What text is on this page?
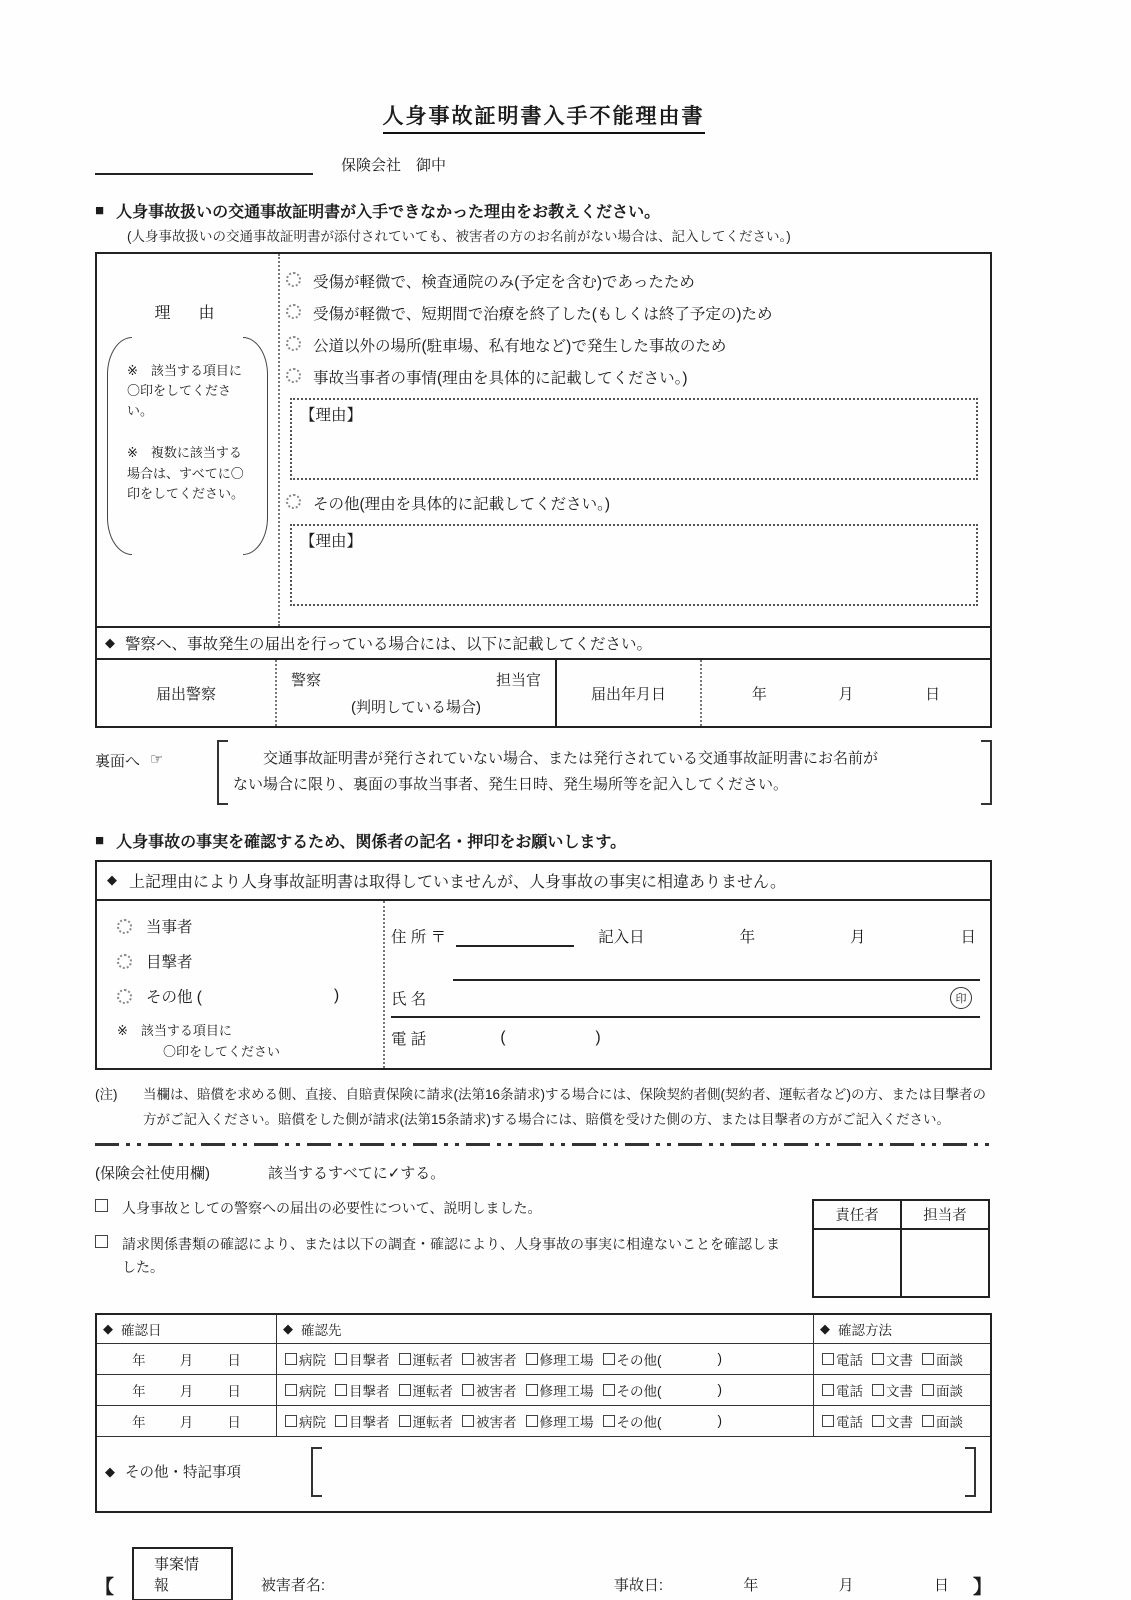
人身事故証明書入手不能理由書
保険会社　御中
■ 人身事故扱いの交通事故証明書が入手できなかった理由をお教えください。
(人身事故扱いの交通事故証明書が添付されていても、被害者の方のお名前がない場合は、記入してください。)
理　由
※　該当する項目に〇印をしてください。
※　複数に該当する場合は、すべてに〇印をしてください。
受傷が軽微で、検査通院のみ(予定を含む)であったため
受傷が軽微で、短期間で治療を終了した(もしくは終了予定の)ため
公道以外の場所(駐車場、私有地など)で発生した事故のため
事故当事者の事情(理由を具体的に記載してください。)
【理由】
その他(理由を具体的に記載してください。)
【理由】
◆ 警察へ、事故発生の届出を行っている場合には、以下に記載してください。
届出警察
警察	担当官
(判明している場合)
届出年月日	年	月	日
裏面へ ☞	交通事故証明書が発行されていない場合、または発行されている交通事故証明書にお名前が
ない場合に限り、裏面の事故当事者、発生日時、発生場所等を記入してください。
■ 人身事故の事実を確認するため、関係者の記名・押印をお願いします。
◆ 上記理由により人身事故証明書は取得していませんが、人身事故の事実に相違ありません。
当事者
目撃者
その他 (	)
※　該当する項目に
〇印をしてください
住 所 〒	記入日	年	月	日
氏 名	印
電 話	(	)
(注)	当欄は、賠償を求める側、直接、自賠責保険に請求(法第16条請求)する場合には、保険契約者側(契約者、運転者など)の方、または目撃者の方がご記入ください。賠償をした側が請求(法第15条請求)する場合には、賠償を受けた側の方、または目撃者の方がご記入ください。
(保険会社使用欄)	該当するすべてに✓する。
人身事故としての警察への届出の必要性について、説明しました。
請求関係書類の確認により、または以下の調査・確認により、人身事故の事実に相違ないことを確認しました。
責任者	担当者
◆ 確認日	◆ 確認先	◆ 確認方法
年	月	日	病院 目撃者 運転者 被害者 修理工場 その他(	)	電話 文書 面談
年	月	日	病院 目撃者 運転者 被害者 修理工場 その他(	)	電話 文書 面談
年	月	日	病院 目撃者 運転者 被害者 修理工場 その他(	)	電話 文書 面談
◆ その他・特記事項
【
事案情報	被害者名:	事故日:	年	月	日 】
